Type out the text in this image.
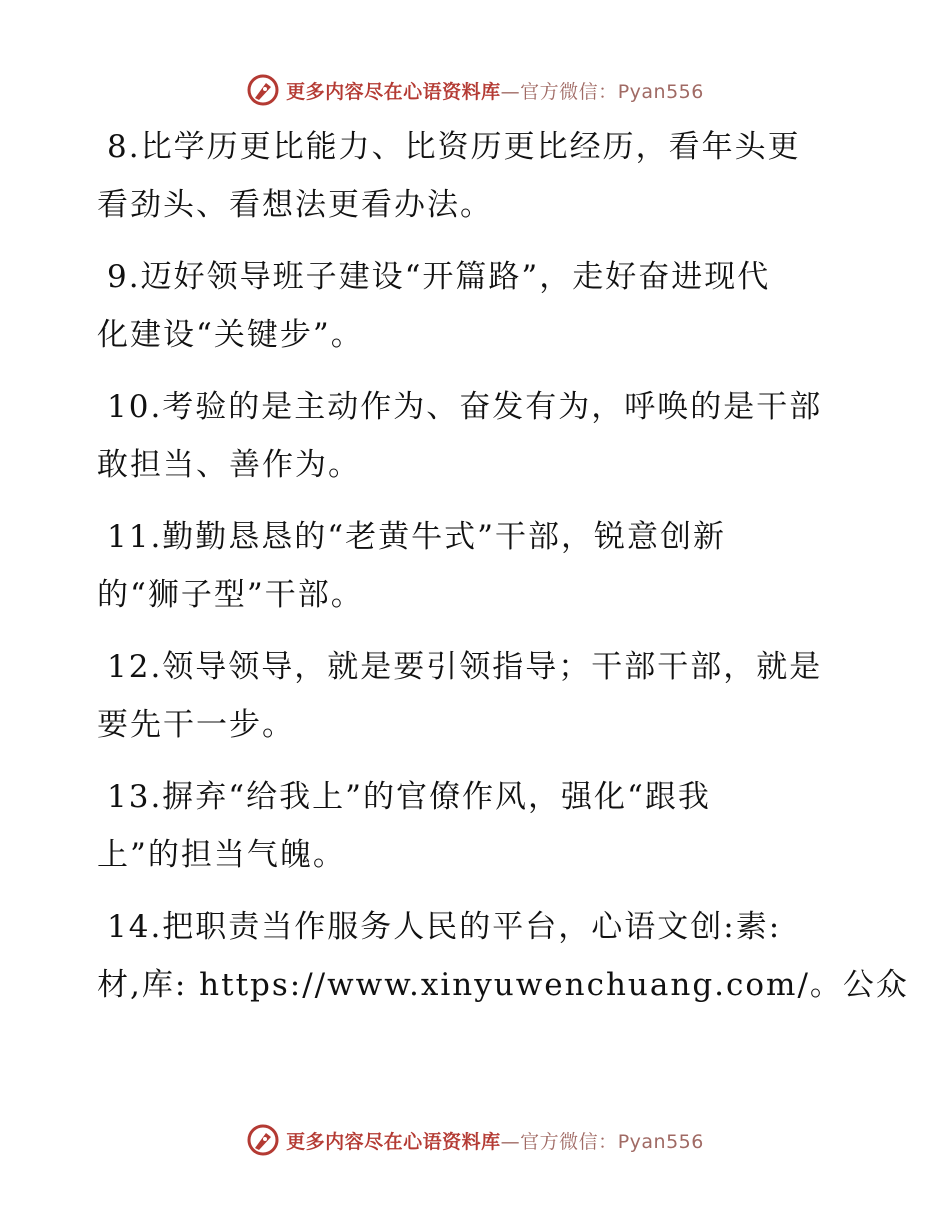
更多内容尽在心语资料库—官方微信：Pyan556
8.比学历更比能力、比资历更比经历，看年头更
看劲头、看想法更看办法。
9.迈好领导班子建设“开篇路”，走好奋进现代
化建设“关键步”。
10.考验的是主动作为、奋发有为，呼唤的是干部
敢担当、善作为。
11.勤勤恳恳的“老黄牛式”干部，锐意创新
的“狮子型”干部。
12.领导领导，就是要引领指导；干部干部，就是
要先干一步。
13.摒弃“给我上”的官僚作风，强化“跟我
上”的担当气魄。
14.把职责当作服务人民的平台，心语文创:素:
材,库: https://www.xinyuwenchuang.com/。公众
更多内容尽在心语资料库—官方微信：Pyan556
